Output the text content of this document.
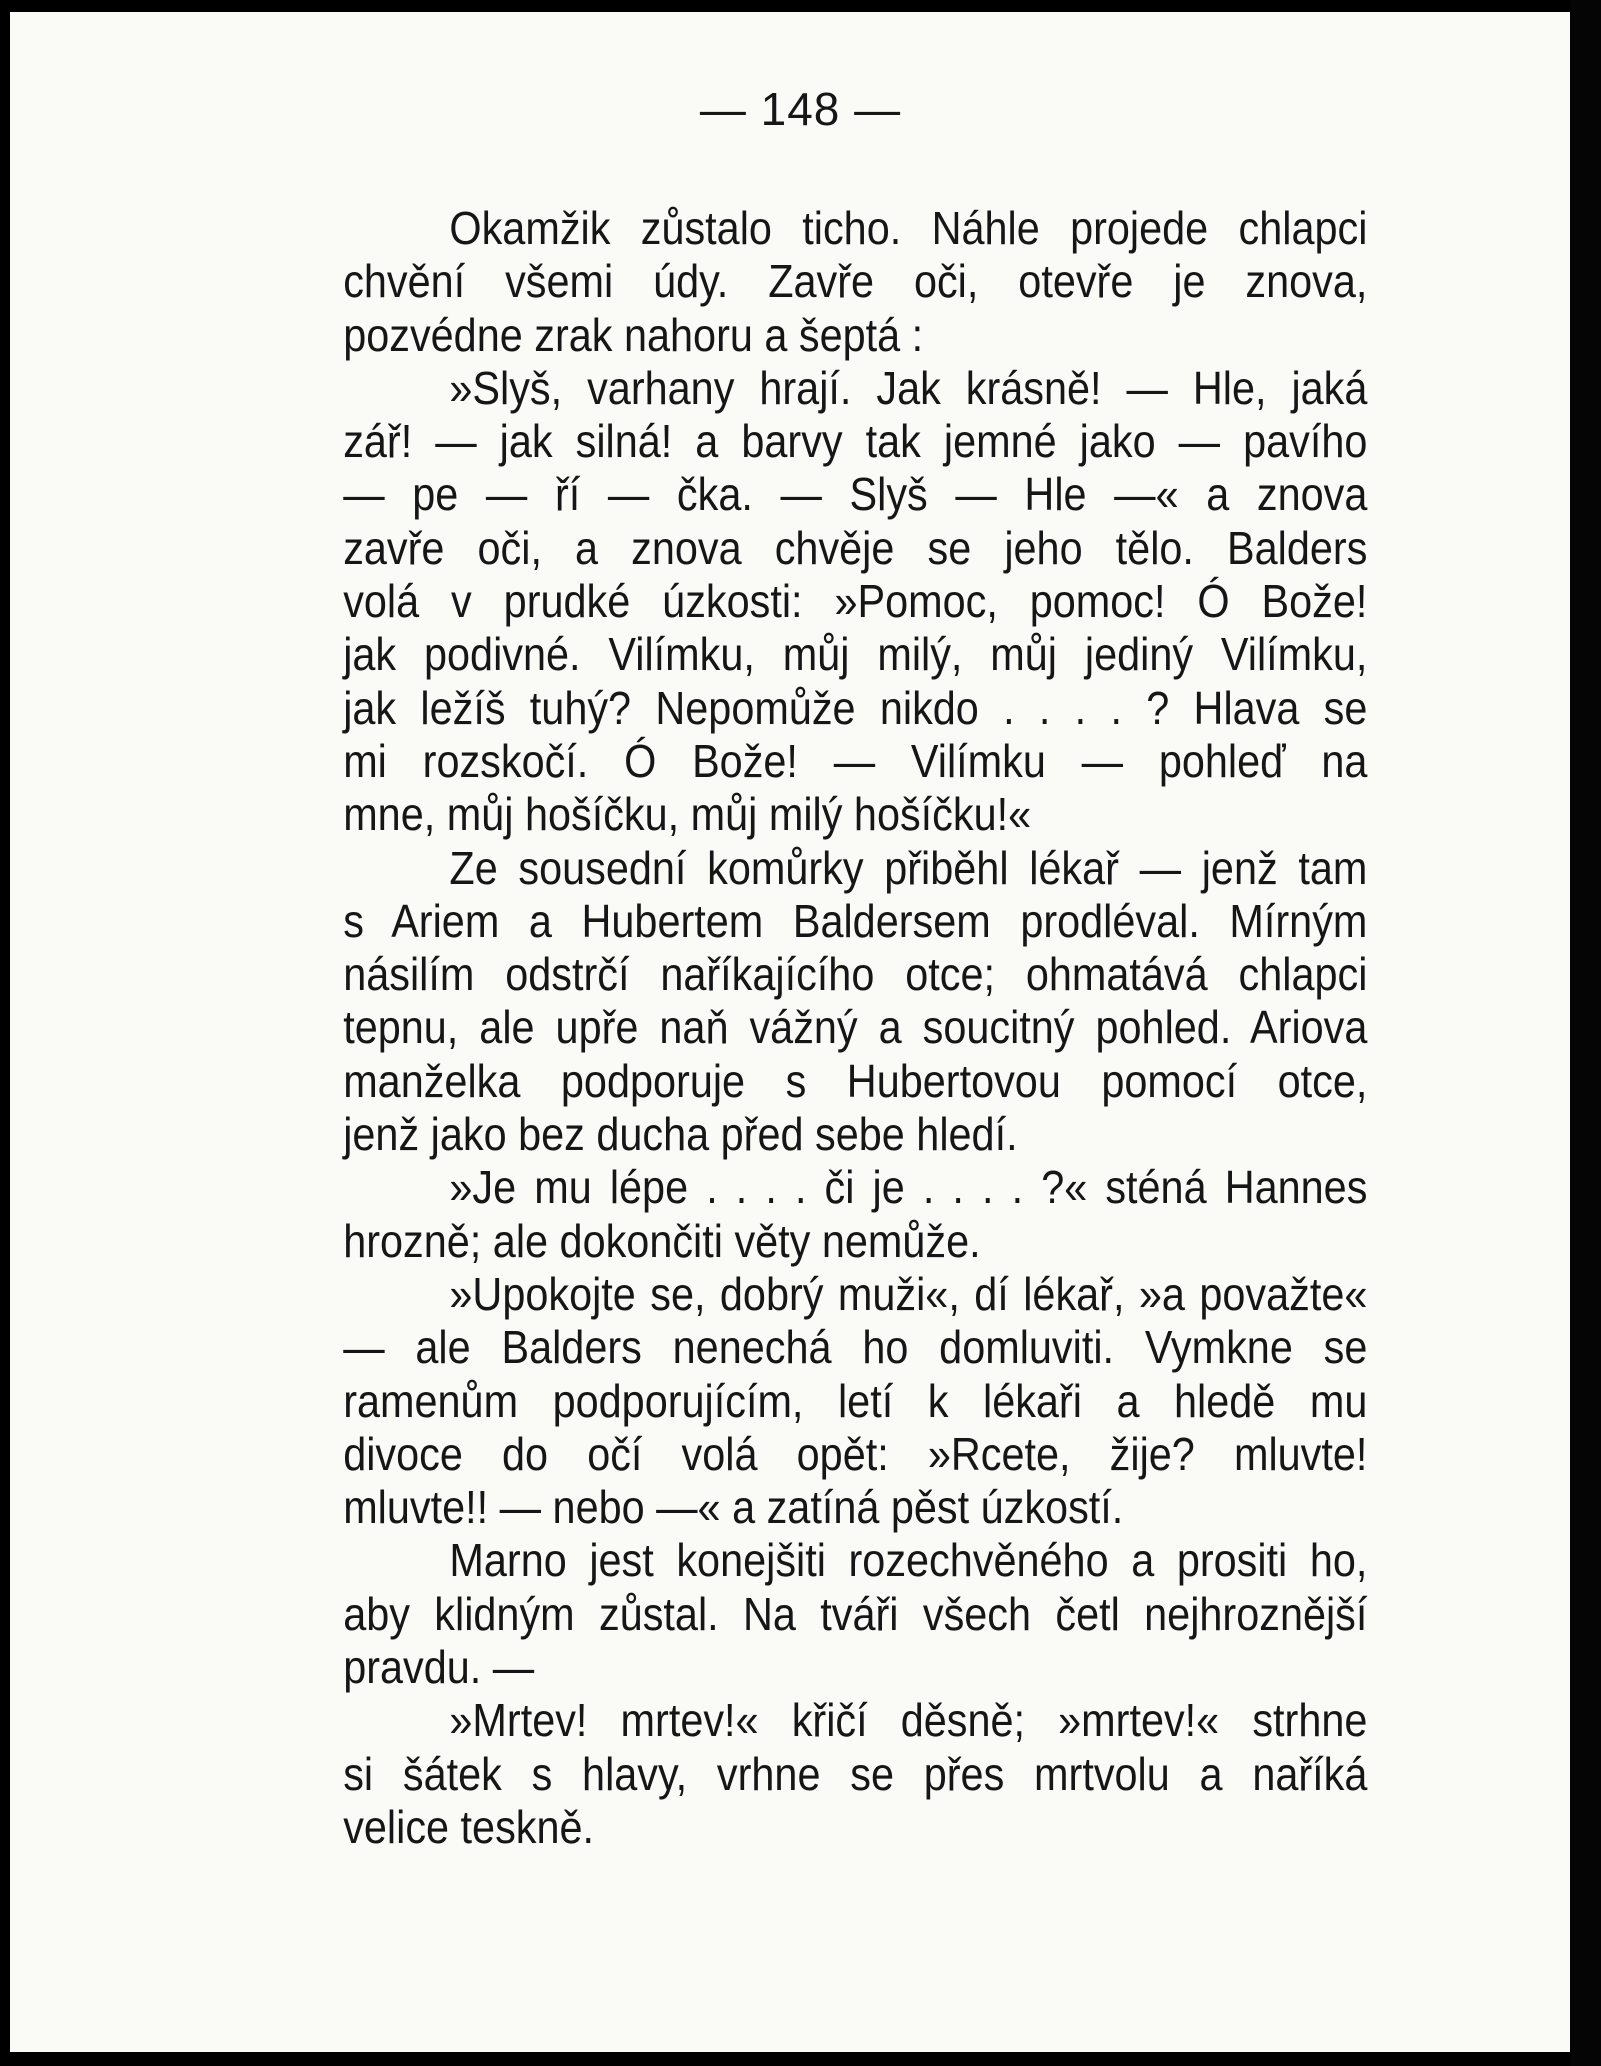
— 148 —
Okamžik zůstalo ticho. Náhle projede chlapci
chvění všemi údy. Zavře oči, otevře je znova,
pozvédne zrak nahoru a šeptá :
»Slyš, varhany hrají. Jak krásně! — Hle, jaká
zář! — jak silná! a barvy tak jemné jako — pavího
— pe — ří — čka. — Slyš — Hle —« a znova
zavře oči, a znova chvěje se jeho tělo. Balders
volá v prudké úzkosti: »Pomoc, pomoc! Ó Bože!
jak podivné. Vilímku, můj milý, můj jediný Vilímku,
jak ležíš tuhý? Nepomůže nikdo . . . . ? Hlava se
mi rozskočí. Ó Bože! — Vilímku — pohleď na
mne, můj hošíčku, můj milý hošíčku!«
Ze sousední komůrky přiběhl lékař — jenž tam
s Ariem a Hubertem Baldersem prodléval. Mírným
násilím odstrčí naříkajícího otce; ohmatává chlapci
tepnu, ale upře naň vážný a soucitný pohled. Ariova
manželka podporuje s Hubertovou pomocí otce,
jenž jako bez ducha před sebe hledí.
»Je mu lépe . . . . či je . . . . ?« sténá Hannes
hrozně; ale dokončiti věty nemůže.
»Upokojte se, dobrý muži«, dí lékař, »a považte«
— ale Balders nenechá ho domluviti. Vymkne se
ramenům podporujícím, letí k lékaři a hledě mu
divoce do očí volá opět: »Rcete, žije? mluvte!
mluvte!! — nebo —« a zatíná pěst úzkostí.
Marno jest konejšiti rozechvěného a prositi ho,
aby klidným zůstal. Na tváři všech četl nejhroznější
pravdu. —
»Mrtev! mrtev!« křičí děsně; »mrtev!« strhne
si šátek s hlavy, vrhne se přes mrtvolu a naříká
velice teskně.
